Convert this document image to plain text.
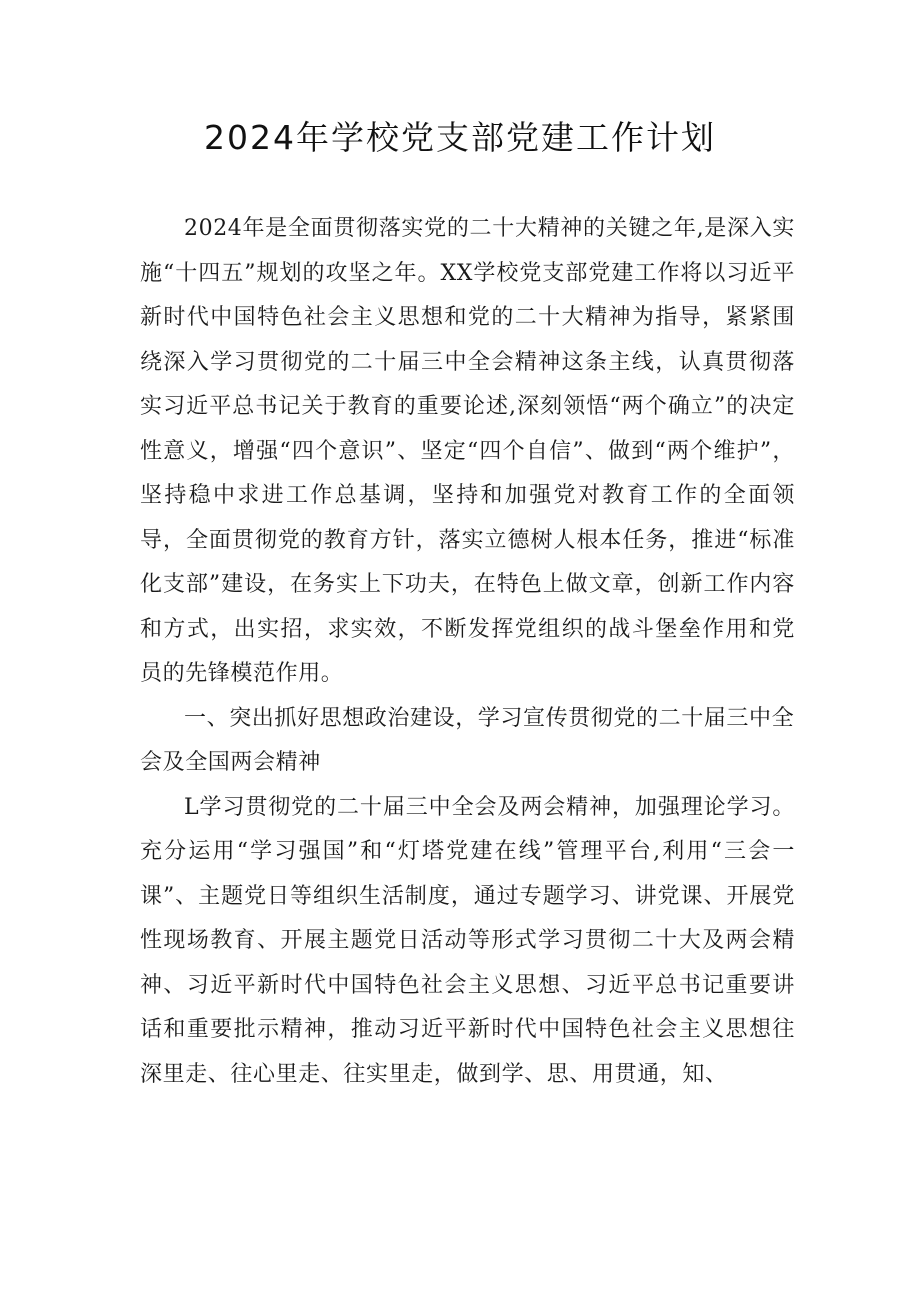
2024年学校党支部党建工作计划

2024年是全面贯彻落实党的二十大精神的关键之年,是深入实施“十四五”规划的攻坚之年。XX学校党支部党建工作将以习近平新时代中国特色社会主义思想和党的二十大精神为指导，紧紧围绕深入学习贯彻党的二十届三中全会精神这条主线，认真贯彻落实习近平总书记关于教育的重要论述,深刻领悟“两个确立”的决定性意义，增强“四个意识”、坚定“四个自信”、做到“两个维护”，坚持稳中求进工作总基调，坚持和加强党对教育工作的全面领导，全面贯彻党的教育方针，落实立德树人根本任务，推进“标准化支部”建设，在务实上下功夫，在特色上做文章，创新工作内容和方式，出实招，求实效，不断发挥党组织的战斗堡垒作用和党员的先锋模范作用。

一、突出抓好思想政治建设，学习宣传贯彻党的二十届三中全会及全国两会精神

L学习贯彻党的二十届三中全会及两会精神，加强理论学习。充分运用“学习强国”和“灯塔党建在线”管理平台,利用“三会一课”、主题党日等组织生活制度，通过专题学习、讲党课、开展党性现场教育、开展主题党日活动等形式学习贯彻二十大及两会精神、习近平新时代中国特色社会主义思想、习近平总书记重要讲话和重要批示精神，推动习近平新时代中国特色社会主义思想往深里走、往心里走、往实里走，做到学、思、用贯通，知、
